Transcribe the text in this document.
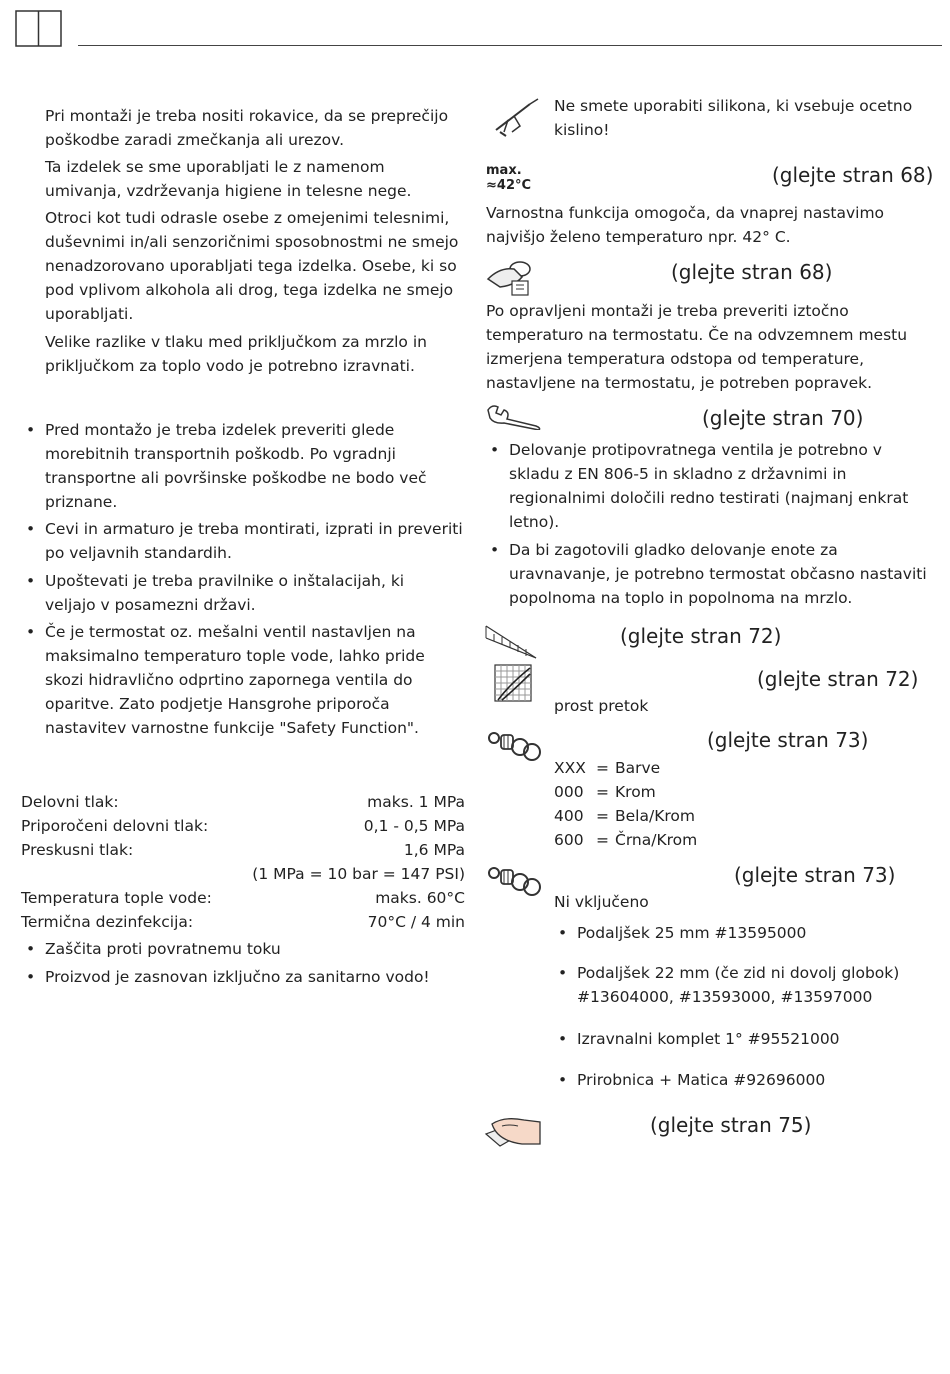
Pri montaži je treba nositi rokavice, da se preprečijo poškodbe zaradi zmečkanja ali urezov.

Ta izdelek se sme uporabljati le z namenom umivanja, vzdrževanja higiene in telesne nege.

Otroci kot tudi odrasle osebe z omejenimi telesnimi, duševnimi in/ali senzoričnimi sposobnostmi ne smejo nenadzorovano uporabljati tega izdelka. Osebe, ki so pod vplivom alkohola ali drog, tega izdelka ne smejo uporabljati.

Velike razlike v tlaku med priključkom za mrzlo in priključkom za toplo vodo je potrebno izravnati.

• Pred montažo je treba izdelek preveriti glede morebitnih transportnih poškodb. Po vgradnji transportne ali površinske poškodbe ne bodo več priznane.

• Cevi in armaturo je treba montirati, izprati in preveriti po veljavnih standardih.

• Upoštevati je treba pravilnike o inštalacijah, ki veljajo v posamezni državi.

• Če je termostat oz. mešalni ventil nastavljen na maksimalno temperaturo tople vode, lahko pride skozi hidravlično odprtino zapornega ventila do oparitve. Zato podjetje Hansgrohe priporoča nastavitev varnostne funkcije "Safety Function".

Delovni tlak:	maks. 1 MPa
Priporočeni delovni tlak:	0,1 - 0,5 MPa
Preskusni tlak:	1,6 MPa
(1 MPa = 10 bar = 147 PSI)
Temperatura tople vode:	maks. 60°C
Termična dezinfekcija:	70°C / 4 min

• Zaščita proti povratnemu toku

• Proizvod je zasnovan izključno za sanitarno vodo!

Ne smete uporabiti silikona, ki vsebuje ocetno kislino!

max.
≈42°C	(glejte stran 68)

Varnostna funkcija omogoča, da vnaprej nastavimo najvišjo želeno temperaturo npr. 42° C.

(glejte stran 68)

Po opravljeni montaži je treba preveriti iztočno temperaturo na termostatu. Če na odvzemnem mestu izmerjena temperatura odstopa od temperature, nastavljene na termostatu, je potreben popravek.

(glejte stran 70)

• Delovanje protipovratnega ventila je potrebno v skladu z EN 806-5 in skladno z državnimi in regionalnimi določili redno testirati (najmanj enkrat letno).

• Da bi zagotovili gladko delovanje enote za uravnavanje, je potrebno termostat občasno nastaviti popolnoma na toplo in popolnoma na mrzlo.

(glejte stran 72)
(glejte stran 72)

prost pretok

(glejte stran 73)
XXX = Barve
000 = Krom
400 = Bela/Krom
600 = Črna/Krom
(glejte stran 73)

Ni vključeno

• Podaljšek 25 mm #13595000

• Podaljšek 22 mm (če zid ni dovolj globok) #13604000, #13593000, #13597000

• Izravnalni komplet 1° #95521000

• Prirobnica + Matica #92696000

(glejte stran 75)
